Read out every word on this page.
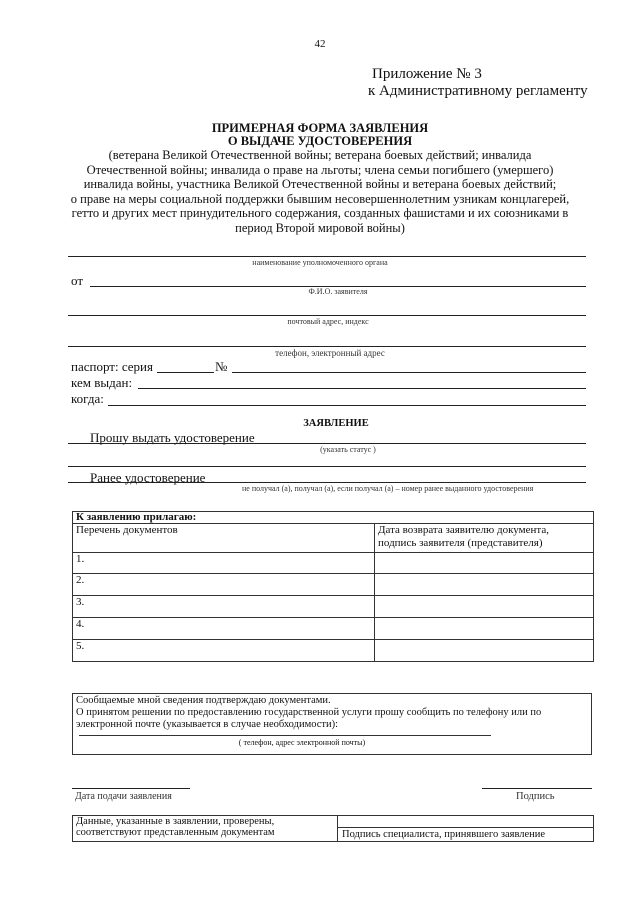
42
Приложение № 3
к Административному регламенту
ПРИМЕРНАЯ ФОРМА ЗАЯВЛЕНИЯ
О ВЫДАЧЕ УДОСТОВЕРЕНИЯ
(ветерана Великой Отечественной войны; ветерана боевых действий; инвалида
Отечественной войны; инвалида о праве на льготы; члена семьи погибшего (умершего)
инвалида войны, участника Великой Отечественной войны и ветерана боевых действий;
о праве на меры социальной поддержки бывшим несовершеннолетним узникам концлагерей,
гетто и других мест принудительного содержания, созданных фашистами и их союзниками в
период Второй мировой войны)
наименование уполномоченного органа
от
Ф.И.О. заявителя
почтовый адрес, индекс
телефон, электронный адрес
паспорт: серия	№
кем выдан:
когда:
ЗАЯВЛЕНИЕ
Прошу выдать удостоверение
(указать статус )
Ранее удостоверение
не получал (а), получал (а), если получал (а) – номер ранее выданного удостоверения
К заявлению прилагаю:	
Перечень документов	Дата возврата заявителю документа,
подпись заявителя (представителя)

1.	
2.	
3.	
4.	
5.	
Сообщаемые мной сведения подтверждаю документами.
О принятом решении по предоставлению государственной услуги прошу сообщить по телефону или по
электронной почте (указывается в случае необходимости):
( телефон, адрес электронной почты)
Дата подачи заявления	Подпись
Данные, указанные в заявлении, проверены,
соответствуют представленным документам	Подпись специалиста, принявшего заявление
